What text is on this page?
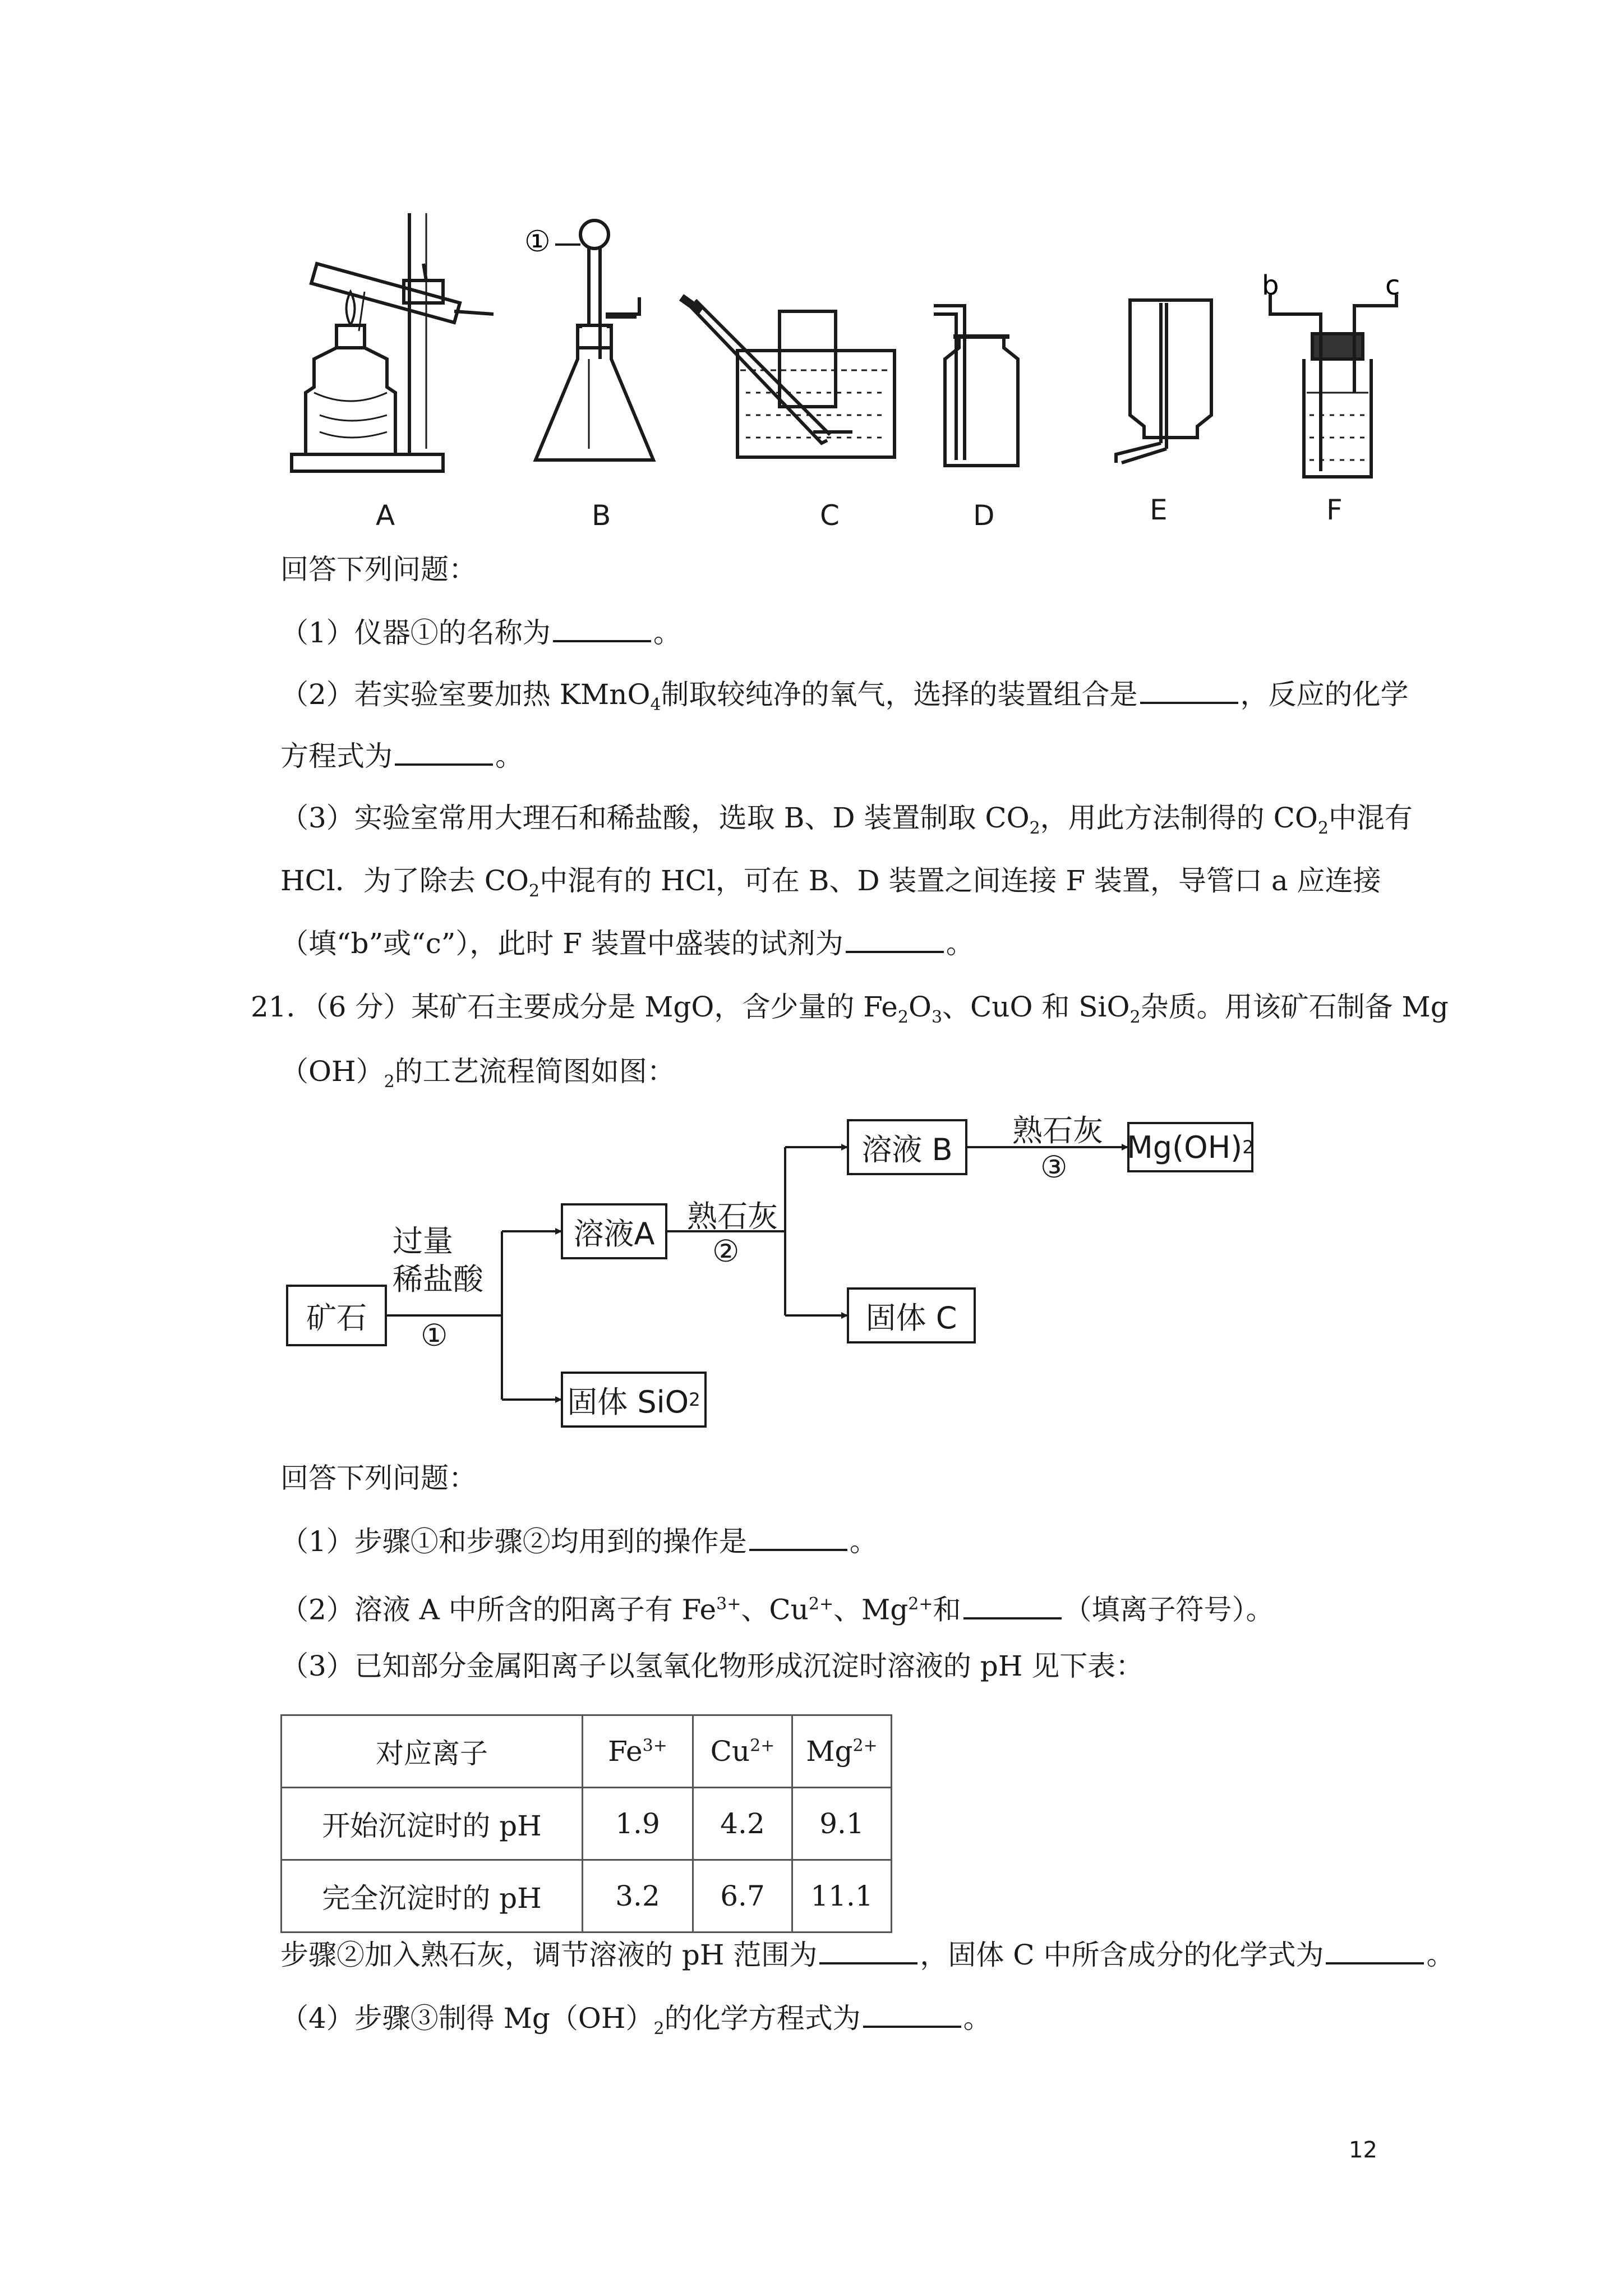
①
b	c
A	B	C	D	E	F
回答下列问题：
（1）仪器①的名称为	。
（2）若实验室要加热 KMnO$_4$制取较纯净的氧气，选择的装置组合是	，反应的化学
方程式为	。
（3）实验室常用大理石和稀盐酸，选取 B、D 装置制取 $CO_2$，用此方法制得的 $CO_2$中混有
HCl．为了除去 $CO_2$中混有的 HCl，可在 B、D 装置之间连接 F 装置，导管口 a 应连接
（填“b”或“c”），此时 F 装置中盛装的试剂为	。
21．（6 分）某矿石主要成分是 MgO，含少量的 $Fe_2O_3$、CuO 和 SiO$_2$杂质。用该矿石制备 Mg
$(OH)_2$的工艺流程简图如图：
矿石
过量
稀盐酸
①
溶液A	熟石灰
②
固体 SiO 2
溶液 B
熟石灰
③
Mg(OH) 2
固体 C
回答下列问题：
（1）步骤①和步骤②均用到的操作是	。
（2）溶液 A 中所含的阳离子有 $Fe^{3+}$、$Cu^{2+}$、$Mg^{2+}$和	（填离子符号）。
（3）已知部分金属阳离子以氢氧化物形成沉淀时溶液的 pH 见下表：
对应离子	$Fe^{3+}$	$Cu^{2+}$	$Mg^{2+}$
开始沉淀时的 pH	1.9	4.2	9.1
完全沉淀时的 pH	3.2	6.7	11.1
步骤②加入熟石灰，调节溶液的 pH 范围为	，固体 C 中所含成分的化学式为	。
（4）步骤③制得 $Mg(OH)_2$的化学方程式为	。
12
